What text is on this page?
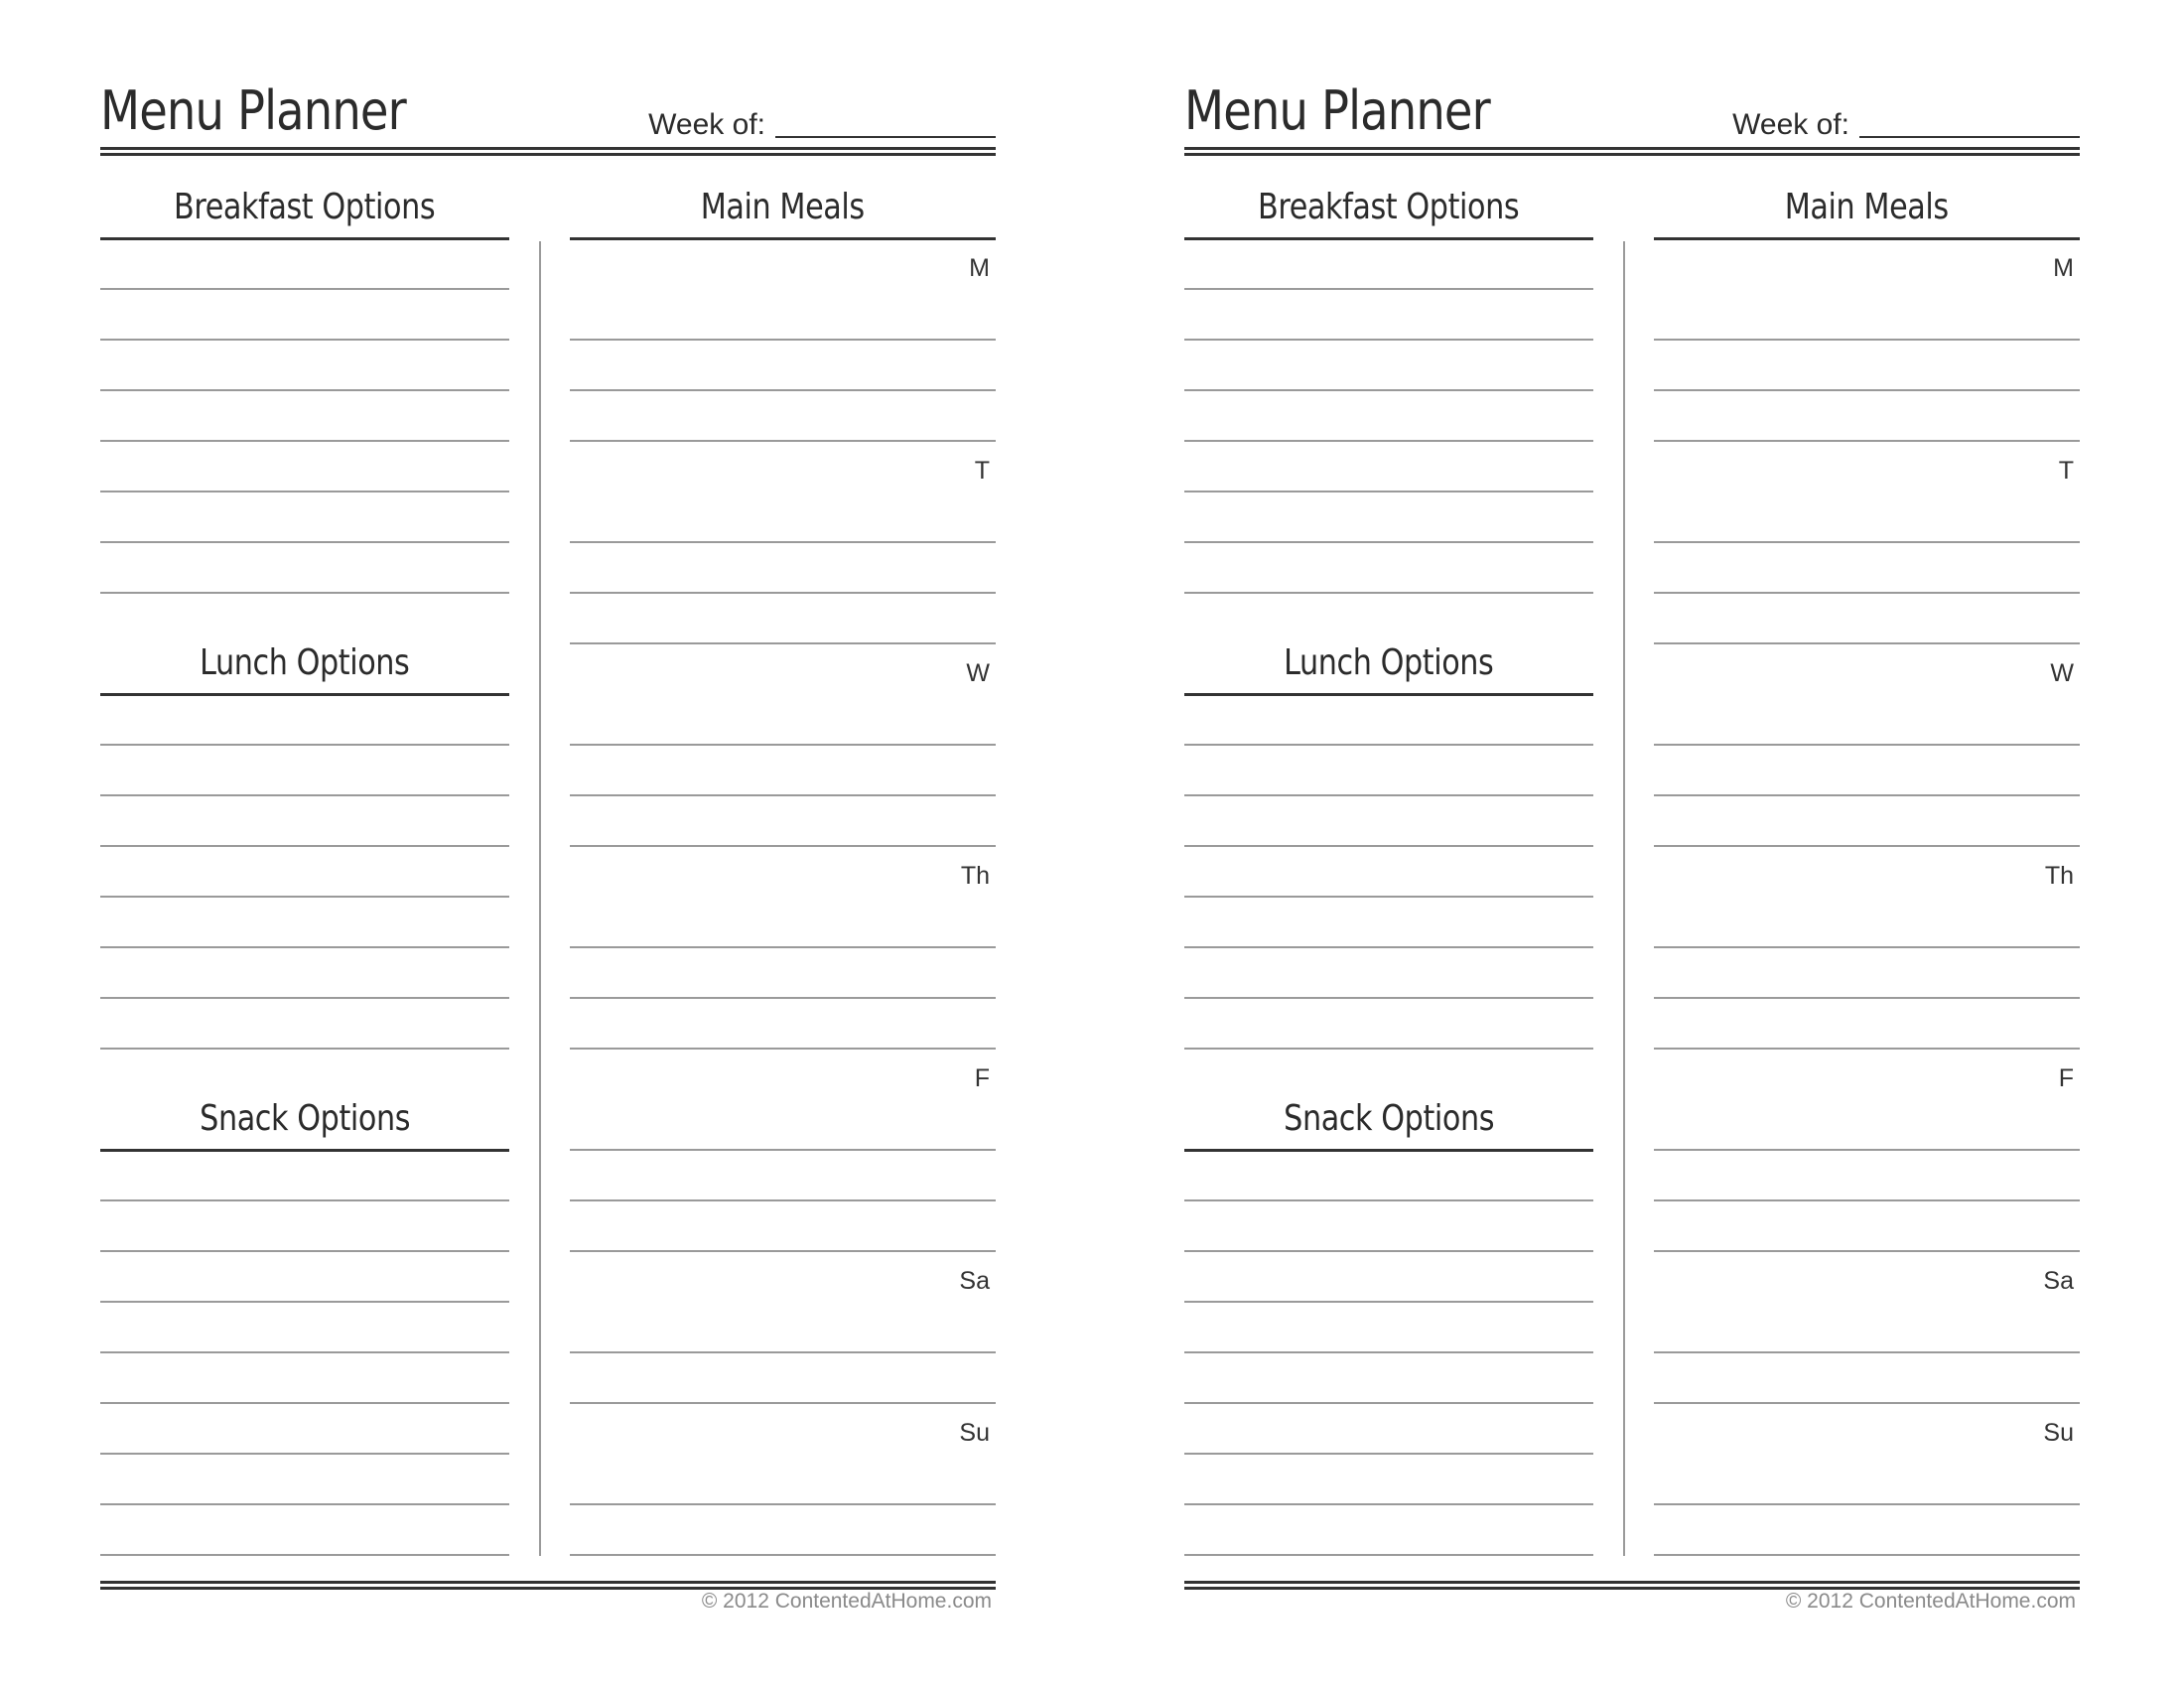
Menu Planner	Week of:
Breakfast Options
Lunch Options
Snack Options
Main Meals
M
T
W
Th
F
Sa
Su
© 2012 ContentedAtHome.com
Menu Planner	Week of:
Breakfast Options
Lunch Options
Snack Options
Main Meals
M
T
W
Th
F
Sa
Su
© 2012 ContentedAtHome.com
